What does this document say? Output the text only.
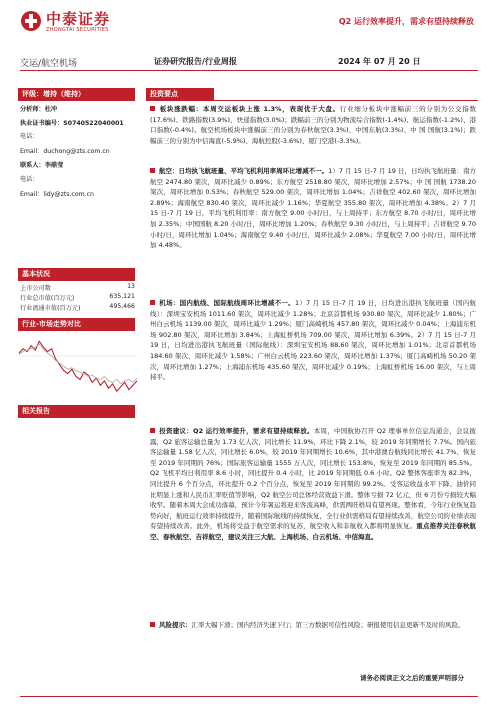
中泰证券
ZHONGTAI SECURITIES
Q2 运行效率提升，需求有望持续释放
交运/航空机场	证券研究报告/行业周报	2024 年 07 月 20 日
评级：增持（维持）
分析师：杜冲
执业证书编号：S0740522040001
电话：
Email：duchong@zts.com.cn
联系人：李鼎莹
电话：
Email：lidy@zts.com.cn
基本状况
上市公司数	13
行业总市值(百万元)	635,121
行业流通市值(百万元)	495,466
行业-市场走势对比
相关报告
投资要点
板块涨跌幅：本周交运板块上涨 1.3%，表现优于大盘。行业细分板块中涨幅前三的分别为公交指数(17.6%)、铁路指数(3.9%)、快递指数(3.0%)；跌幅前三的分别为物流综合指数(-1.4%)、航运指数(-1.2%)、港口指数(-0.4%)。航空机场板块中涨幅前三的分别为春秋航空(3.3%)、中国东航(3.3%)、中 国 国航(3.1%)；跌幅前三的分别为中信海直(-5.9%)、海航控股(-3.6%)、厦门空港(-3.3%)。
航空：日均执飞航班量、平均飞机利用率周环比增减不一。1）7 月 15 日-7 月 19 日，日均执飞航班量：南方航空 2474.80 架次，周环比减少 0.89%；东方航空 2518.80 架次，周环比增加 2.57%；中 国 国航 1738.20 架次，周环比增加 0.53%；春秋航空 529.00 架次，周环比增加 1.04%；吉祥航空 402.60 架次，周环比增加 2.89%；海南航空 830.40 架次，周环比减少 1.16%；华夏航空 355.80 架次，周环比增加 4.38%。2）7 月 15 日-7 月 19 日，平均飞机利用率：南方航空 9.00 小时/日，与上周持平；东方航空 8.70 小时/日，周环比增加 2.35%；中国国航 8.20 小时/日，周环比增加 1.20%；春秋航空 9.30 小时/日，与上周持平；吉祥航空 9.70 小时/日，周环比增加 1.04%；海南航空 9.40 小时/日，周环比减少 2.08%；华夏航空 7.00 小时/日，周环比增加 4.48%。
机场：国内航线、国际航线周环比增减不一。1）7 月 15 日-7 月 19 日，日均进出港执飞航班量（国内航线）：深圳宝安机场 1011.60 架次，周环比减少 1.28%；北京首都机场 930.80 架次，周环比减少 1.80%；广州白云机场 1139.00 架次，周环比减少 1.29%；厦门高崎机场 457.80 架次，周环比减少 0.04%；上海浦东机场 902.80 架次，周环比增加 3.84%；上海虹桥机场 709.00 架次，周环比增加 6.39%。2）7 月 15 日-7 月 19 日，日均进出港执飞航班量（国际航线）：深圳宝安机场 88.60 架次，周环比增加 1.01%；北京首都机场 184.60 架次，周环比减少 1.58%；广州白云机场 223.60 架次，周环比增加 1.37%；厦门高崎机场 50.20 架次，周环比增加 1.27%；上海浦东机场 435.60 架次，周环比减少 0.19%；上海虹桥机场 16.00 架次，与上周持平。
投资建议：Q2 运行效率提升，需求有望持续释放。本周，中国航协召开 Q2 理事单位信息沟通会，会议披露，Q2 旅客运输总量为 1.73 亿人次，同比增长 11.9%，环比下降 2.1%，较 2019 年同期增长 7.7%。国内旅客运输量 1.58 亿人次，同比增长 6.0%，较 2019 年同期增长 10.6%，其中港澳台航线同比增长 41.7%、恢复至 2019 年同期的 76%；国际旅客运输量 1555 万人次，同比增长 153.8%，恢复至 2019 年同期的 85.5%。Q2 飞机平均日利用率 8.6 小时，同比提升 0.4 小时，比 2019 年同期低 0.6 小时。Q2 整体客座率为 82.3%，同比提升 6 个百分点，环比提升 0.2 个百分点，恢复至 2019 年同期的 99.2%。受客运收益水平下降、油价同比明显上涨和人民币汇率贬值等影响，Q2 航空公司总体经营效益下滑。整体亏损 72 亿元，但 6 月份亏损较大幅收窄。随着本周大会成功落幕，预计今年暑运将迎来客流高峰，供需两旺格局有望再现。整体看，今年行业恢复趋势向好，航班运行效率持续提升，随着国际航线的持续恢复，全行业供需格局有望持续改善，航空公司的业绩表现有望持续改善。此外，机场将受益于航空需求的复苏，航空收入和非航收入都将明显恢复。重点推荐关注春秋航空、春秋航空、吉祥航空，建议关注三大航、上海机场、白云机场、中信海直。
风险提示：汇率大幅下滑；国内经济失速下行；第三方数据可信性风险；研报使用信息更新不及时的风险。
请务必阅读正文之后的重要声明部分
